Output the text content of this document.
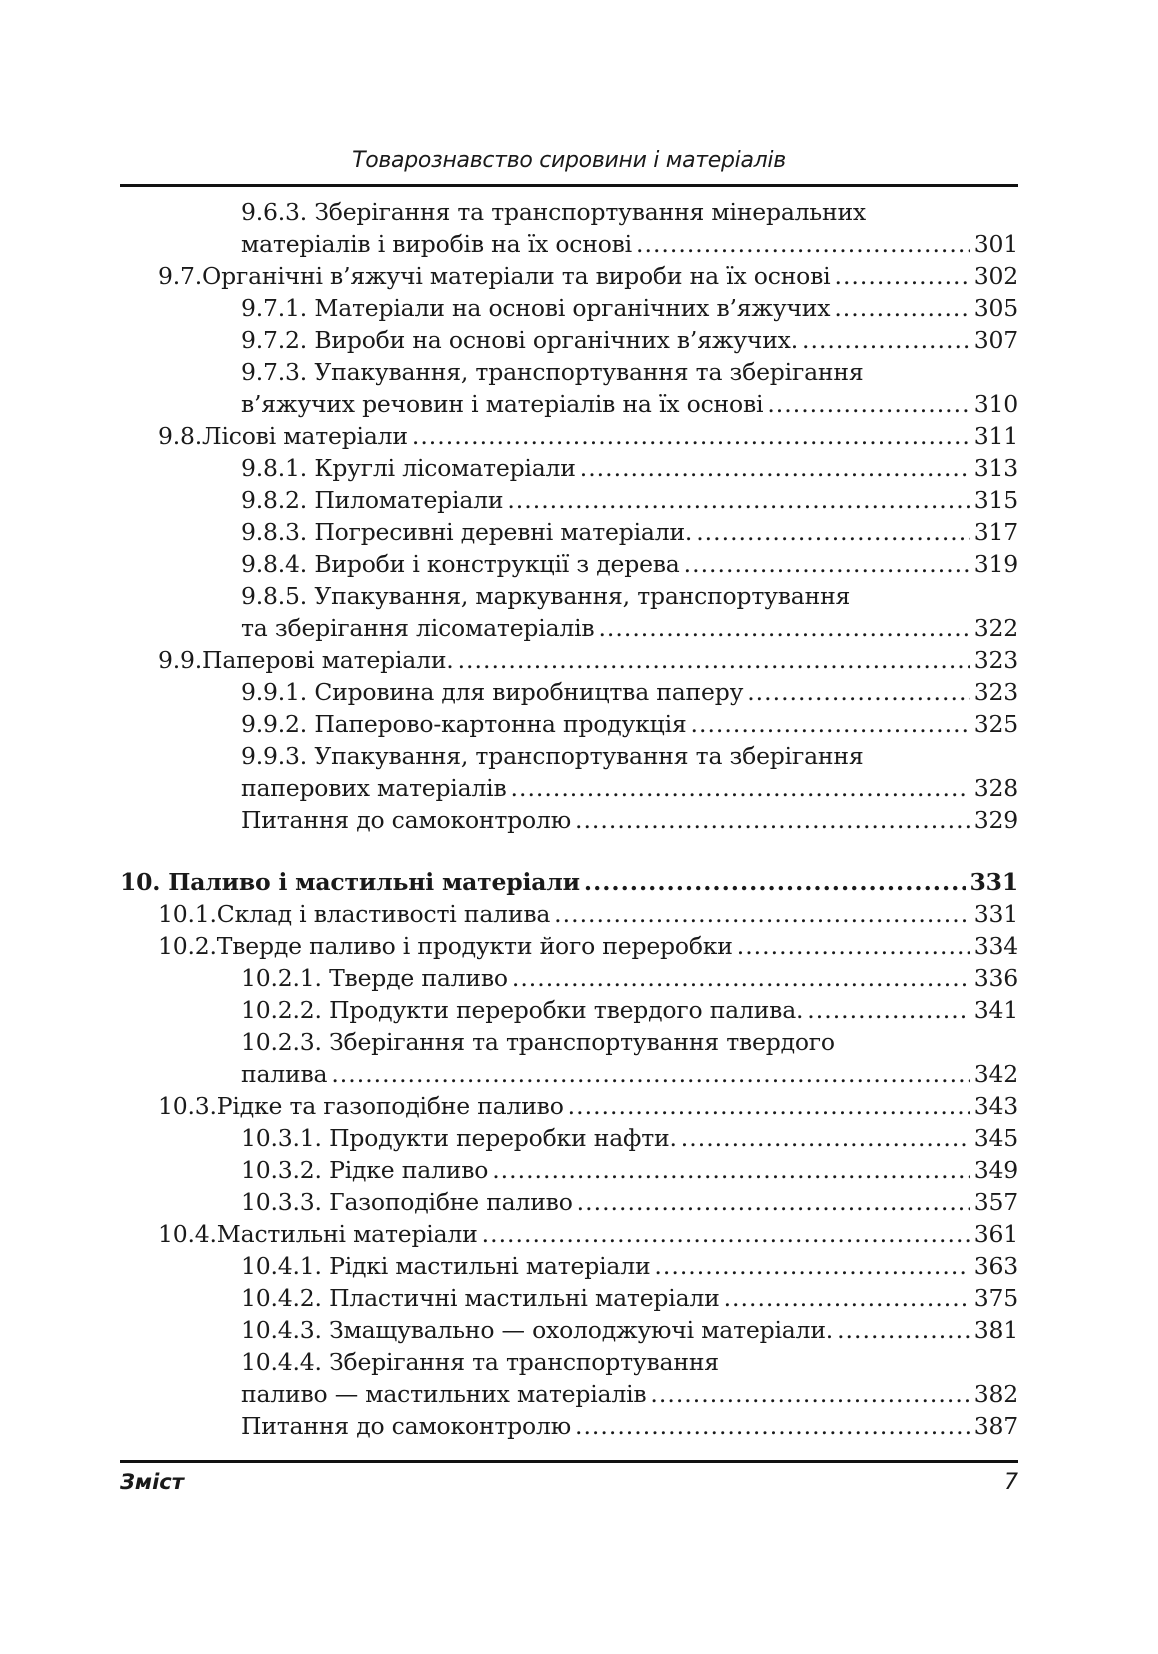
Товарознавство сировини і матеріалів
9.6.3. Зберігання та транспортування мінеральних
матеріалів і виробів на їх основі .....	301
9.7. Органічні в’яжучі матеріали та вироби на їх основі .....	302
9.7.1. Матеріали на основі органічних в’яжучих .....	305
9.7.2. Вироби на основі органічних в’яжучих. .....	307
9.7.3. Упакування, транспортування та зберігання
в’яжучих речовин і матеріалів на їх основі .....	310
9.8. Лісові матеріали .....	311
9.8.1. Круглі лісоматеріали .....	313
9.8.2. Пиломатеріали .....	315
9.8.3. Погресивні деревні матеріали. .....	317
9.8.4. Вироби і конструкції з дерева .....	319
9.8.5. Упакування, маркування, транспортування
та зберігання лісоматеріалів .....	322
9.9. Паперові матеріали. .....	323
9.9.1. Сировина для виробництва паперу .....	323
9.9.2. Паперово-картонна продукція .....	325
9.9.3. Упакування, транспортування та зберігання
паперових матеріалів .....	328
Питання до самоконтролю .....	329
10. Паливо і мастильні матеріали .....	331
10.1. Склад і властивості палива .....	331
10.2. Тверде паливо і продукти його переробки .....	334
10.2.1. Тверде паливо .....	336
10.2.2. Продукти переробки твердого палива. .....	341
10.2.3. Зберігання та транспортування твердого
палива .....	342
10.3. Рідке та газоподібне паливо .....	343
10.3.1. Продукти переробки нафти. .....	345
10.3.2. Рідке паливо .....	349
10.3.3. Газоподібне паливо .....	357
10.4. Мастильні матеріали .....	361
10.4.1. Рідкі мастильні матеріали .....	363
10.4.2. Пластичні мастильні матеріали .....	375
10.4.3. Змащувально — охолоджуючі матеріали. .....	381
10.4.4. Зберігання та транспортування
паливо — мастильних матеріалів .....	382
Питання до самоконтролю .....	387
Зміст	7
